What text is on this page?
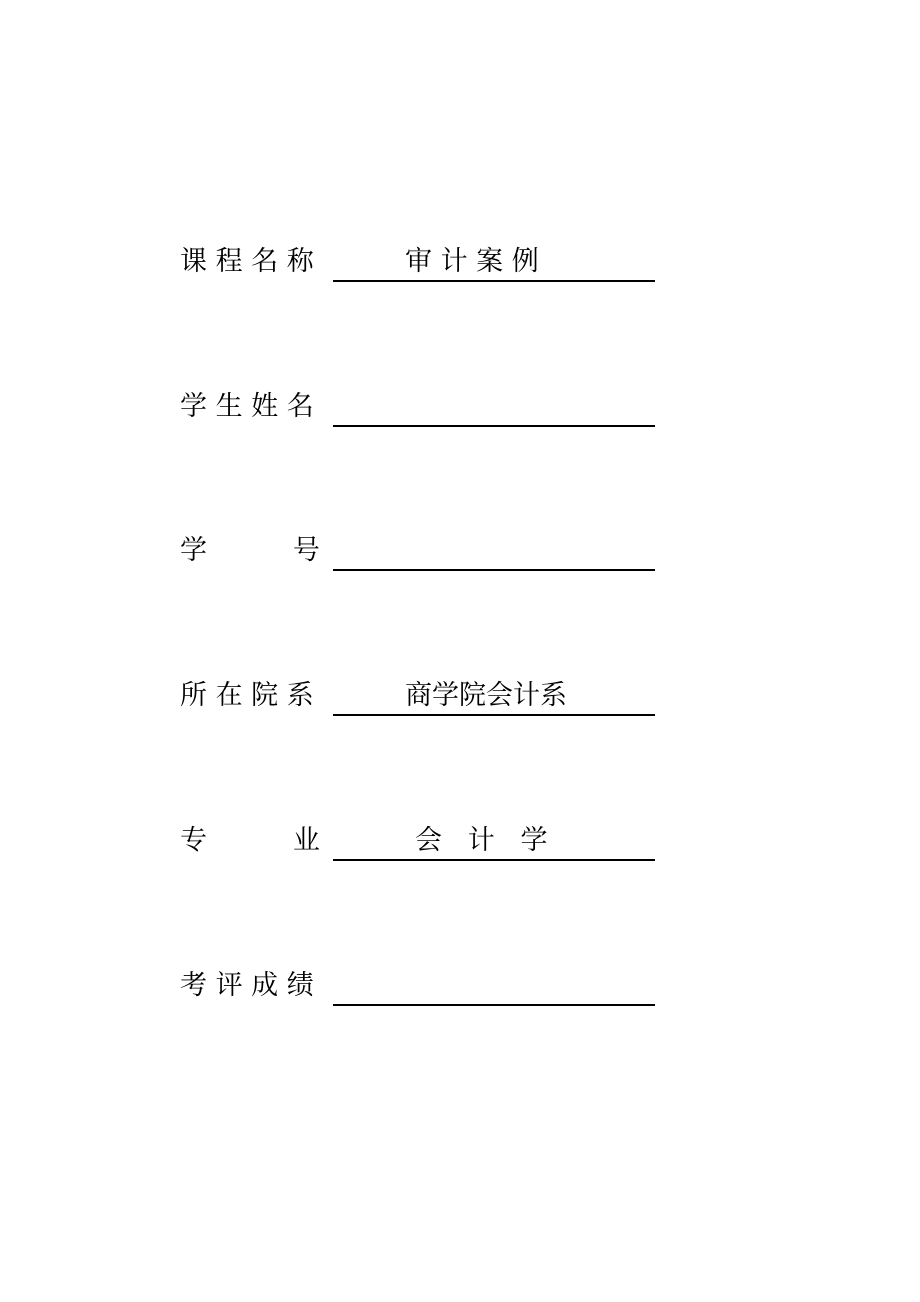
课 程 名 称	审 计 案 例
学 生 姓 名
学          号
所 在 院 系	商学院会计系
专          业	会   计   学
考 评 成 绩
